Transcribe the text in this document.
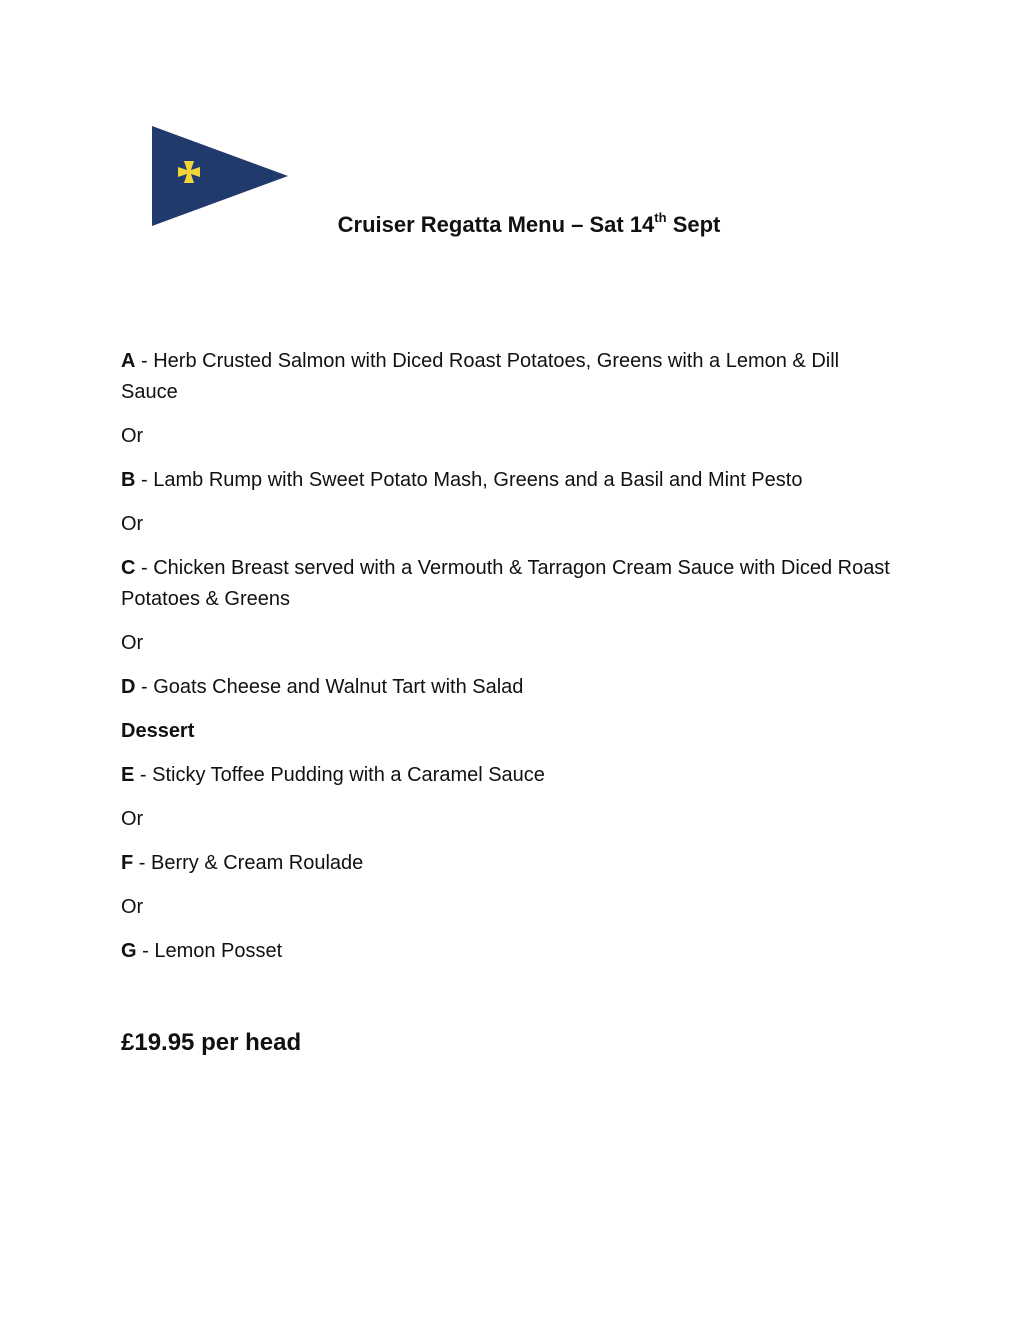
Cruiser Regatta Menu – Sat 14th Sept

A - Herb Crusted Salmon with Diced Roast Potatoes, Greens with a Lemon & Dill Sauce

Or

B - Lamb Rump with Sweet Potato Mash, Greens and a Basil and Mint Pesto

Or

C - Chicken Breast served with a Vermouth & Tarragon Cream Sauce with Diced Roast Potatoes & Greens

Or

D - Goats Cheese and Walnut Tart with Salad

Dessert

E - Sticky Toffee Pudding with a Caramel Sauce

Or

F - Berry & Cream Roulade

Or

G - Lemon Posset

£19.95 per head
